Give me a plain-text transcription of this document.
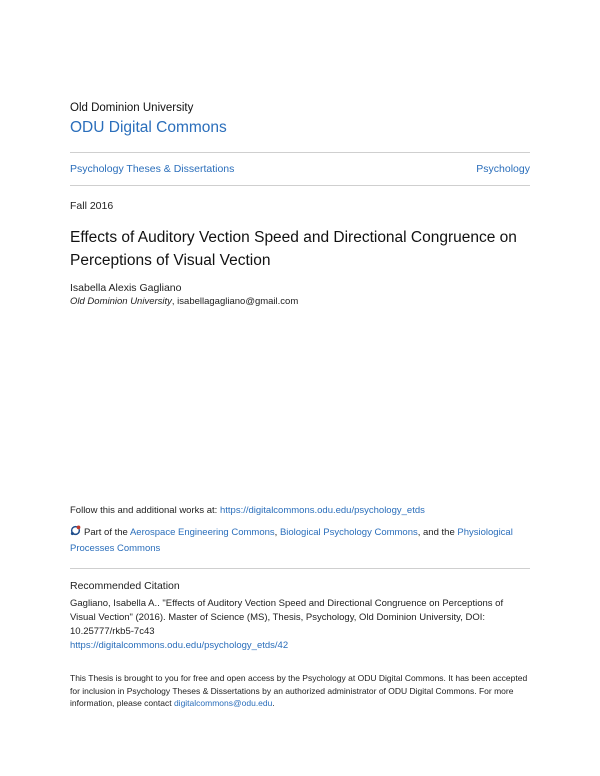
Old Dominion University
ODU Digital Commons
Psychology Theses & Dissertations	Psychology
Fall 2016
Effects of Auditory Vection Speed and Directional Congruence on Perceptions of Visual Vection
Isabella Alexis Gagliano
Old Dominion University, isabellagagliano@gmail.com
Follow this and additional works at: https://digitalcommons.odu.edu/psychology_etds
Part of the Aerospace Engineering Commons, Biological Psychology Commons, and the Physiological Processes Commons
Recommended Citation
Gagliano, Isabella A.. "Effects of Auditory Vection Speed and Directional Congruence on Perceptions of Visual Vection" (2016). Master of Science (MS), Thesis, Psychology, Old Dominion University, DOI: 10.25777/rkb5-7c43
https://digitalcommons.odu.edu/psychology_etds/42
This Thesis is brought to you for free and open access by the Psychology at ODU Digital Commons. It has been accepted for inclusion in Psychology Theses & Dissertations by an authorized administrator of ODU Digital Commons. For more information, please contact digitalcommons@odu.edu.
